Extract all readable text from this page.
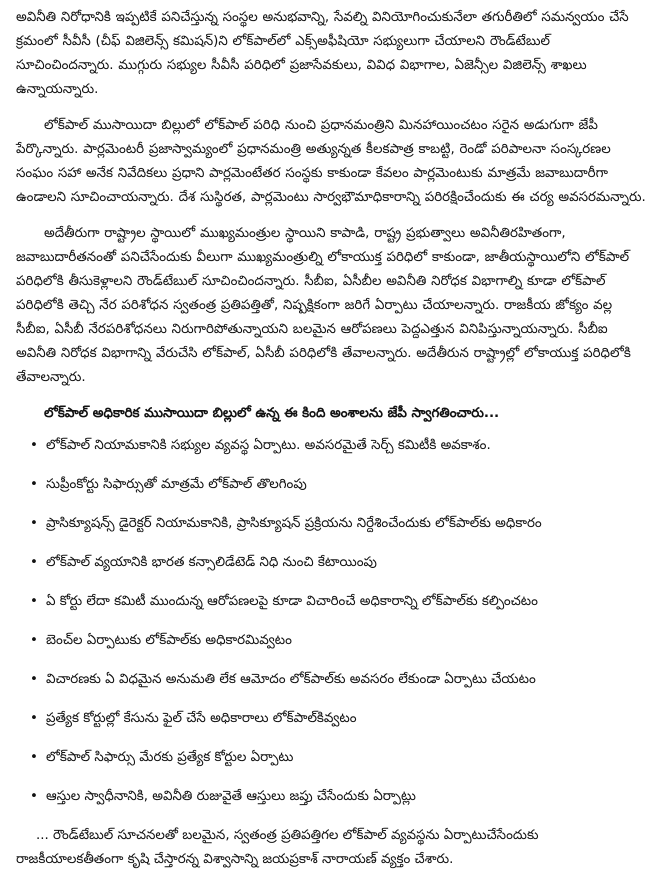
అవినీతి నిరోధానికి ఇప్పటికే పనిచేస్తున్న సంస్థల అనుభవాన్ని, సేవల్ని వినియోగించుకునేలా తగురీతిలో సమన్వయం చేసే క్రమంలో సీవీసీ (చీఫ్ విజిలెన్స్ కమిషన్)ని లోక్‌పాల్‌లో ఎక్స్‌అఫీషియో సభ్యులుగా చేయాలని రౌండ్‌టేబుల్ సూచించిందన్నారు. ముగ్గురు సభ్యుల సీవీసీ పరిధిలో ప్రజాసేవకులు, వివిధ విభాగాల, ఏజెన్సీల విజిలెన్స్ శాఖలు ఉన్నాయన్నారు.

లోక్‌పాల్ ముసాయిదా బిల్లులో లోక్‌పాల్ పరిధి నుంచి ప్రధానమంత్రిని మినహాయించటం సరైన అడుగుగా జేపీ పేర్కొన్నారు. పార్లమెంటరీ ప్రజాస్వామ్యంలో ప్రధానమంత్రి అత్యున్నత కీలకపాత్ర కాబట్టి, రెండో పరిపాలనా సంస్కరణల సంఘం సహా అనేక నివేదికలు ప్రధాని పార్లమెంటేతర సంస్థకు కాకుండా కేవలం పార్లమెంటుకు మాత్రమే జవాబుదారీగా ఉండాలని సూచించాయన్నారు. దేశ సుస్థిరత, పార్లమెంటు సార్వభౌమాధికారాన్ని పరిరక్షించేందుకు ఈ చర్య అవసరమన్నారు.

అదేతీరుగా రాష్ట్రాల స్థాయిలో ముఖ్యమంత్రుల స్థాయిని కాపాడి, రాష్ట్ర ప్రభుత్వాలు అవినీతిరహితంగా, జవాబుదారీతనంతో పనిచేసేందుకు వీలుగా ముఖ్యమంత్రుల్ని లోకాయుక్త పరిధిలో కాకుండా, జాతీయస్థాయిలోని లోక్‌పాల్ పరిధిలోకి తీసుకెళ్లాలని రౌండ్‌టేబుల్ సూచించిందన్నారు. సీబీఐ, ఏసీబీల అవినీతి నిరోధక విభాగాల్ని కూడా లోక్‌పాల్ పరిధిలోకి తెచ్చి నేర పరిశోధన స్వతంత్ర ప్రతిపత్తితో, నిష్పక్షికంగా జరిగే ఏర్పాటు చేయాలన్నారు. రాజకీయ జోక్యం వల్ల సీబీఐ, ఏసీబీ నేరపరిశోధనలు నిరుగారిపోతున్నాయని బలమైన ఆరోపణలు పెద్దఎత్తున వినిపిస్తున్నాయన్నారు. సీబీఐ అవినీతి నిరోధక విభాగాన్ని వేరుచేసి లోక్‌పాల్, ఏసీబీ పరిధిలోకి తేవాలన్నారు. అదేతీరున రాష్ట్రాల్లో లోకాయుక్త పరిధిలోకి తేవాలన్నారు.

లోక్‌పాల్ అధికారిక ముసాయిదా బిల్లులో ఉన్న ఈ కింది అంశాలను జేపీ స్వాగతించారు...

• లోక్‌పాల్ నియామకానికి సభ్యుల వ్యవస్థ ఏర్పాటు. అవసరమైతే సెర్చ్ కమిటీకి అవకాశం.
• సుప్రీంకోర్టు సిఫార్సుతో మాత్రమే లోక్‌పాల్ తొలగింపు
• ప్రాసిక్యూషన్స్ డైరెక్టర్ నియామకానికి, ప్రాసిక్యూషన్ ప్రక్రియను నిర్దేశించేందుకు లోక్‌పాల్‌కు అధికారం
• లోక్‌పాల్ వ్యయానికి భారత కన్సాలిడేటెడ్ నిధి నుంచి కేటాయింపు
• ఏ కోర్టు లేదా కమిటీ ముందున్న ఆరోపణలపై కూడా విచారించే అధికారాన్ని లోక్‌పాల్‌కు కల్పించటం
• బెంచ్‌ల ఏర్పాటుకు లోక్‌పాల్‌కు అధికారమివ్వటం
• విచారణకు ఏ విధమైన అనుమతి లేక ఆమోదం లోక్‌పాల్‌కు అవసరం లేకుండా ఏర్పాటు చేయటం
• ప్రత్యేక కోర్టుల్లో కేసును ఫైల్ చేసే అధికారాలు లోక్‌పాల్‌కివ్వటం
• లోక్‌పాల్ సిఫార్సు మేరకు ప్రత్యేక కోర్టుల ఏర్పాటు
• ఆస్తుల స్వాధీనానికి, అవినీతి రుజువైతే ఆస్తులు జప్తు చేసేందుకు ఏర్పాట్లు

... రౌండ్‌టేబుల్ సూచనలతో బలమైన, స్వతంత్ర ప్రతిపత్తిగల లోక్‌పాల్ వ్యవస్థను ఏర్పాటుచేసేందుకు రాజకీయాలకతీతంగా కృషి చేస్తారన్న విశ్వాసాన్ని జయప్రకాశ్ నారాయణ్ వ్యక్తం చేశారు.
